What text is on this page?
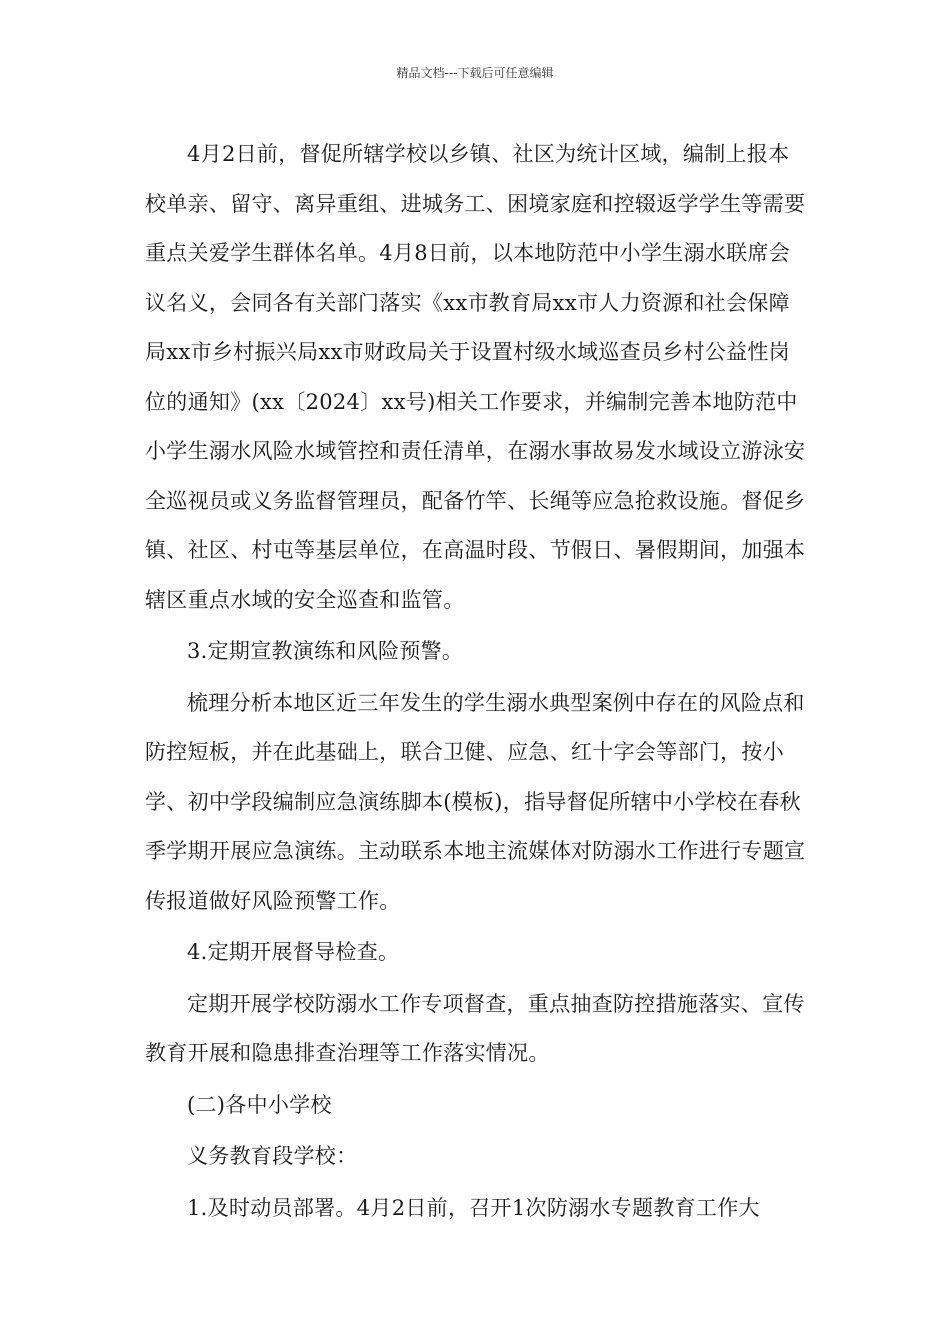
精品文档---下载后可任意编辑

4月2日前，督促所辖学校以乡镇、社区为统计区域，编制上报本校单亲、留守、离异重组、进城务工、困境家庭和控辍返学学生等需要重点关爱学生群体名单。4月8日前，以本地防范中小学生溺水联席会议名义，会同各有关部门落实《xx市教育局xx市人力资源和社会保障局xx市乡村振兴局xx市财政局关于设置村级水域巡查员乡村公益性岗位的通知》(xx〔2024〕xx号)相关工作要求，并编制完善本地防范中小学生溺水风险水域管控和责任清单，在溺水事故易发水域设立游泳安全巡视员或义务监督管理员，配备竹竿、长绳等应急抢救设施。督促乡镇、社区、村屯等基层单位，在高温时段、节假日、暑假期间，加强本辖区重点水域的安全巡查和监管。

3.定期宣教演练和风险预警。

梳理分析本地区近三年发生的学生溺水典型案例中存在的风险点和防控短板，并在此基础上，联合卫健、应急、红十字会等部门，按小学、初中学段编制应急演练脚本(模板)，指导督促所辖中小学校在春秋季学期开展应急演练。主动联系本地主流媒体对防溺水工作进行专题宣传报道做好风险预警工作。

4.定期开展督导检查。

定期开展学校防溺水工作专项督查，重点抽查防控措施落实、宣传教育开展和隐患排查治理等工作落实情况。

(二)各中小学校

义务教育段学校：

1.及时动员部署。4月2日前，召开1次防溺水专题教育工作大
